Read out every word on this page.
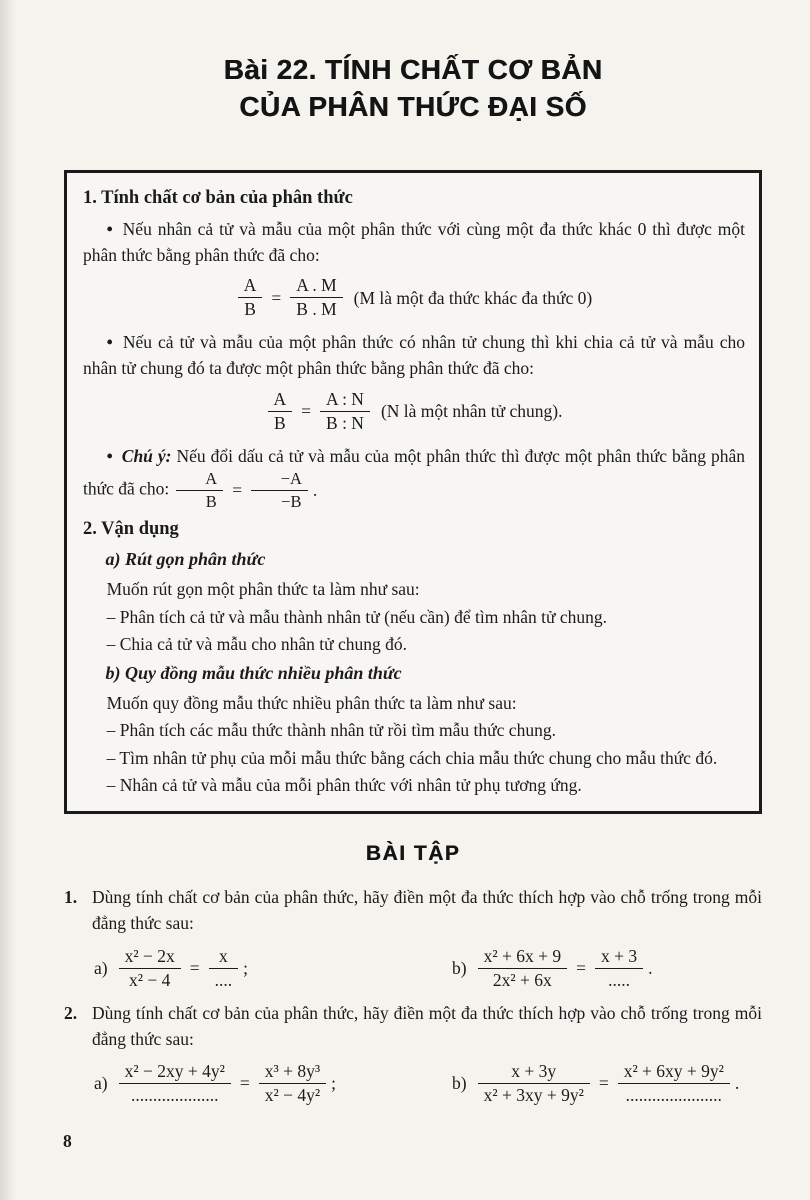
Bài 22. TÍNH CHẤT CƠ BẢN
CỦA PHÂN THỨC ĐẠI SỐ
1. Tính chất cơ bản của phân thức

• Nếu nhân cả tử và mẫu của một phân thức với cùng một đa thức khác 0 thì được một phân thức bằng phân thức đã cho:

$\frac{A}{B} = \frac{A . M}{B . M} (M$ là một đa thức khác đa thức 0)

• Nếu cả tử và mẫu của một phân thức có nhân tử chung thì khi chia cả tử và mẫu cho nhân tử chung đó ta được một phân thức bằng phân thức đã cho:

$\frac{A}{B} = \frac{A : N}{B : N} (N$ là một nhân tử chung).

• Chú ý: Nếu đổi dấu cả tử và mẫu của một phân thức thì được một phân thức bằng phân thức đã cho: $\frac{A}{B} = \frac{-A}{-B}$ .

2. Vận dụng
a) Rút gọn phân thức

Muốn rút gọn một phân thức ta làm như sau:

– Phân tích cả tử và mẫu thành nhân tử (nếu cần) để tìm nhân tử chung.

– Chia cả tử và mẫu cho nhân tử chung đó.

b) Quy đồng mẫu thức nhiều phân thức

Muốn quy đồng mẫu thức nhiều phân thức ta làm như sau:

– Phân tích các mẫu thức thành nhân tử rồi tìm mẫu thức chung.

– Tìm nhân tử phụ của mỗi mẫu thức bằng cách chia mẫu thức chung cho mẫu thức đó.

– Nhân cả tử và mẫu của mỗi phân thức với nhân tử phụ tương ứng.

BÀI TẬP
1. Dùng tính chất cơ bản của phân thức, hãy điền một đa thức thích hợp vào chỗ trống trong mỗi đẳng thức sau:

$a) \frac{\text{x² − 2x}}{\text{x² − 4}} = \frac{x}{....}$ ;	$b) \frac{\text{x² + 6x + 9}}{\text{2x² + 6x}} = \frac{x + 3}{.....}$ .
2. Dùng tính chất cơ bản của phân thức, hãy điền một đa thức thích hợp vào chỗ trống trong mỗi đẳng thức sau:

$a) \frac{\text{x² − 2xy + 4y²}}{....................} = \frac{\text{x³ + 8y³}}{\text{x² − 4y²}}$ ;	$b) \frac{x + 3y}{\text{x² + 3xy + 9y²}} = \frac{\text{x² + 6xy + 9y²}}{......................}$ .
8
